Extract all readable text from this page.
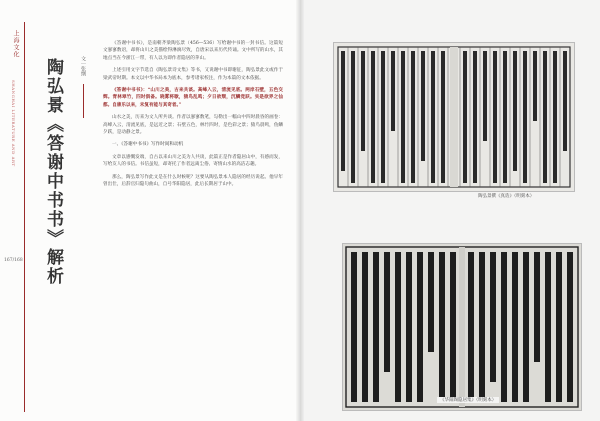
上海文化
SHANGHAI LITERATURE AND ART
167/168 陶弘景《答谢中书书》解析	文｜张纲

《答谢中书书》，是南朝齐梁陶弘景（456—536）写给谢中书的一封书信。这篇短文寥寥数语，却将山川之美描绘得淋漓尽致，自唐宋以来历代传诵。文中所写的山水，其地点当在今浙江一带，有人以为即作者隐居的茅山。

上述引用文字节选自《陶弘景诗文集》等书，又说谢中书即谢征，陶弘景此文或作于梁武帝时期。本文以中华书局本为底本，参考诸家校注，作为本篇的文本依据。

《答谢中书书》：“山川之美，古来共谈。高峰入云，清流见底。两岸石壁，五色交辉。青林翠竹，四时俱备。晓雾将歇，猿鸟乱鸣；夕日欲颓，沉鳞竞跃。实是欲界之仙都。自康乐以来，未复有能与其奇者。”

山水之美，历来为文人所共谈。作者以寥寥数笔，勾勒出一幅山中四时晨昏的画卷：高峰入云，清流见底，是远近之景；石壁五色，林竹四时，是色彩之景；猿鸟晨鸣，鱼鳞夕跃，是动静之景。

一、《答谢中书书》写作时间和动机

文章以感慨发端，自古以来山川之美为人共谈，此篇正是作者隐居山中，有感而发，写给友人的书信。书信虽短，却寄托了作者远离尘俗、寄情山水的高洁志趣。

那么，陶弘景写作此文是在什么时候呢？这要从陶弘景本人隐居的经历说起。他早年曾出仕，后辞官归隐句曲山，自号华阳隐居，此后长期居于山中。

陶弘景撰《真诰》（明刻本）
《华阳陶隐居集》（明刻本）
